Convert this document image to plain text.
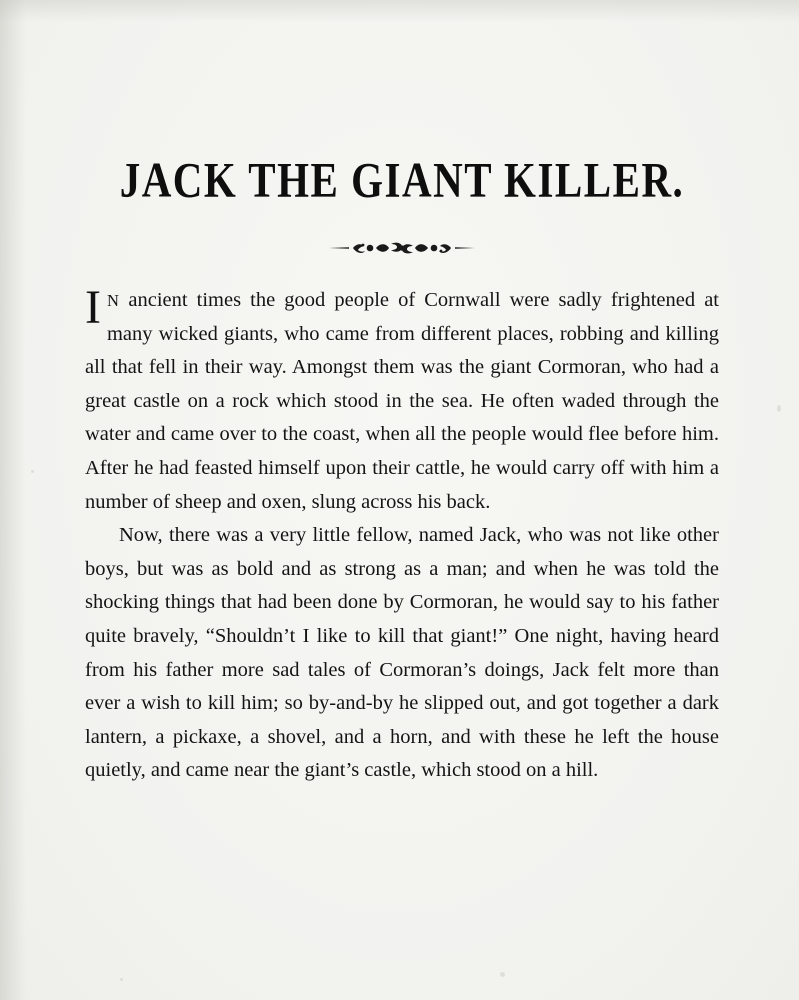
JACK THE GIANT KILLER.

I N ancient times the good people of Cornwall were sadly frightened at many wicked giants, who came from different places, robbing and killing all that fell in their way. Amongst them was the giant Cormoran, who had a great castle on a rock which stood in the sea. He often waded through the water and came over to the coast, when all the people would flee before him. After he had feasted himself upon their cattle, he would carry off with him a number of sheep and oxen, slung across his back.

Now, there was a very little fellow, named Jack, who was not like other boys, but was as bold and as strong as a man; and when he was told the shocking things that had been done by Cormoran, he would say to his father quite bravely, “Shouldn’t I like to kill that giant!” One night, having heard from his father more sad tales of Cormoran’s doings, Jack felt more than ever a wish to kill him; so by-and-by he slipped out, and got together a dark lantern, a pickaxe, a shovel, and a horn, and with these he left the house quietly, and came near the giant’s castle, which stood on a hill.
